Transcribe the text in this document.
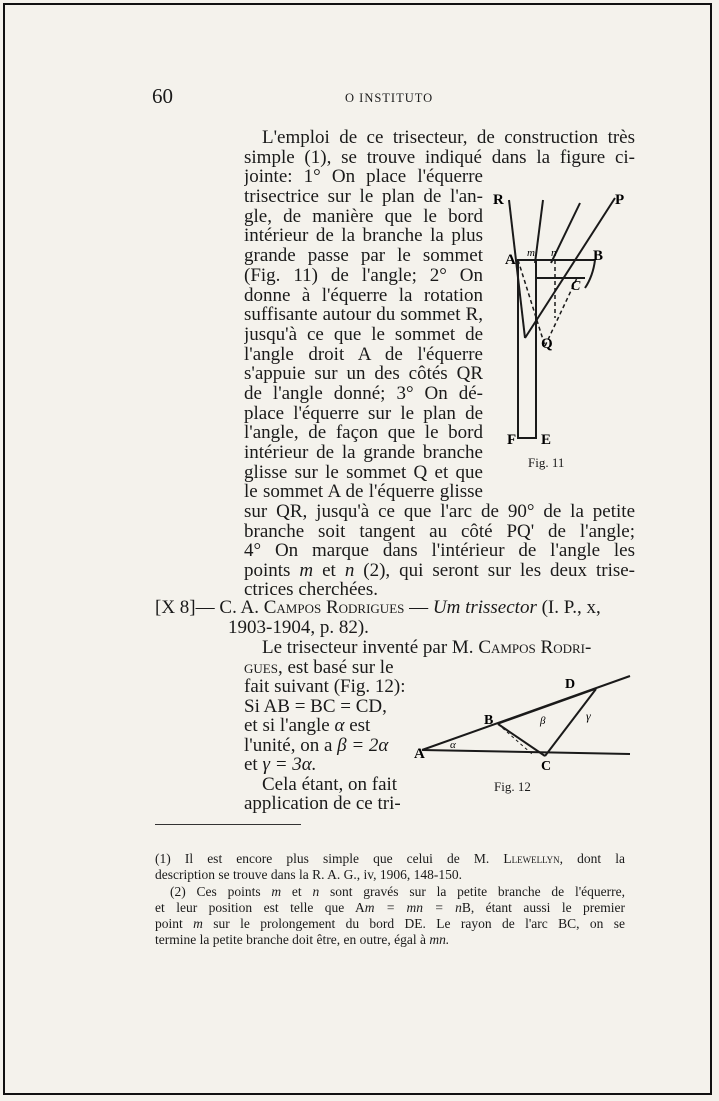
60	O INSTITUTO
L'emploi de ce trisecteur, de construction très
simple (1), se trouve indiqué dans la figure ci-
jointe: 1° On place l'équerre
trisectrice sur le plan de l'an-
gle, de manière que le bord
intérieur de la branche la plus
grande passe par le sommet
(Fig. 11) de l'angle; 2° On
donne à l'équerre la rotation
suffisante autour du sommet R,
jusqu'à ce que le sommet de
l'angle droit A de l'équerre
s'appuie sur un des côtés QR
de l'angle donné; 3° On dé-
place l'équerre sur le plan de
l'angle, de façon que le bord
intérieur de la grande branche
glisse sur le sommet Q et que
le sommet A de l'équerre glisse
sur QR, jusqu'à ce que l'arc de 90° de la petite
branche soit tangent au côté PQ' de l'angle;
4° On marque dans l'intérieur de l'angle les
points m et n (2), qui seront sur les deux trise-
ctrices cherchées.
R	P
A	B
C
Q
m n
F E
Fig. 11
[X 8]— C. A. Campos Rodrigues — Um trissector (I. P., x,
1903-1904, p. 82).
Le trisecteur inventé par M. Campos Rodri-
gues, est basé sur le
fait suivant (Fig. 12):
Si AB = BC = CD,
et si l'angle α est
l'unité, on a β = 2α
et γ = 3α.
Cela étant, on fait
application de ce tri-
A
B
C
D
α
β	γ
Fig. 12
(1) Il est encore plus simple que celui de M. Llewellyn, dont la
description se trouve dans la R. A. G., iv, 1906, 148-150.
(2) Ces points m et n sont gravés sur la petite branche de l'équerre,
et leur position est telle que Am = mn = nB, étant aussi le premier
point m sur le prolongement du bord DE. Le rayon de l'arc BC, on se
termine la petite branche doit être, en outre, égal à mn.
